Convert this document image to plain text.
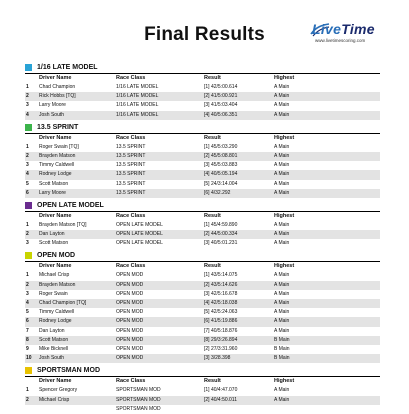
Final Results	LiveTime
www.livetimescoring.com
1/16 LATE MODEL
Driver Name	Race Class	Result	Highest
1	Chad Champion	1/16 LATE MODEL	[1] 42/5:00.614	A Main
2	Rick Hobbs [TQ]	1/16 LATE MODEL	[2] 41/5:00.921	A Main
3	Larry Moore	1/16 LATE MODEL	[3] 41/5:03.404	A Main
4	Josh South	1/16 LATE MODEL	[4] 40/5:06.351	A Main
13.5 SPRINT
Driver Name	Race Class	Result	Highest
1	Roger Swain [TQ]	13.5 SPRINT	[1] 45/5:03.290	A Main
2	Brayden Matson	13.5 SPRINT	[2] 45/5:08.801	A Main
3	Timmy Caldwell	13.5 SPRINT	[3] 45/5:03.883	A Main
4	Rodney Lodge	13.5 SPRINT	[4] 40/5:05.194	A Main
5	Scott Matson	13.5 SPRINT	[5] 24/3:14.004	A Main
6	Larry Moore	13.5 SPRINT	[6] 4/32.292	A Main
OPEN LATE MODEL
Driver Name	Race Class	Result	Highest
1	Brayden Matson [TQ]	OPEN LATE MODEL	[1] 45/4:59.890	A Main
2	Dan Layton	OPEN LATE MODEL	[2] 44/5:00.334	A Main
3	Scott Matson	OPEN LATE MODEL	[3] 40/5:01.231	A Main
OPEN MOD
Driver Name	Race Class	Result	Highest
1	Michael Crisp	OPEN MOD	[1] 43/5:14.075	A Main
2	Brayden Matson	OPEN MOD	[2] 43/5:14.626	A Main
3	Roger Swain	OPEN MOD	[3] 42/5:16.678	A Main
4	Chad Champion [TQ]	OPEN MOD	[4] 42/5:18.038	A Main
5	Timmy Caldwell	OPEN MOD	[5] 42/5:24.063	A Main
6	Rodney Lodge	OPEN MOD	[6] 41/5:19.886	A Main
7	Dan Layton	OPEN MOD	[7] 40/5:18.876	A Main
8	Scott Matson	OPEN MOD	[8] 29/3:26.894	B Main
9	Mike Bicknell	OPEN MOD	[2] 27/3:31.960	B Main
10	Josh South	OPEN MOD	[3] 3/28.398	B Main
SPORTSMAN MOD
Driver Name	Race Class	Result	Highest
1	Spencer Gregory	SPORTSMAN MOD	[1] 40/4:47.070	A Main
2	Michael Crisp	SPORTSMAN MOD	[2] 40/4:50.011	A Main
SPORTSMAN MOD
